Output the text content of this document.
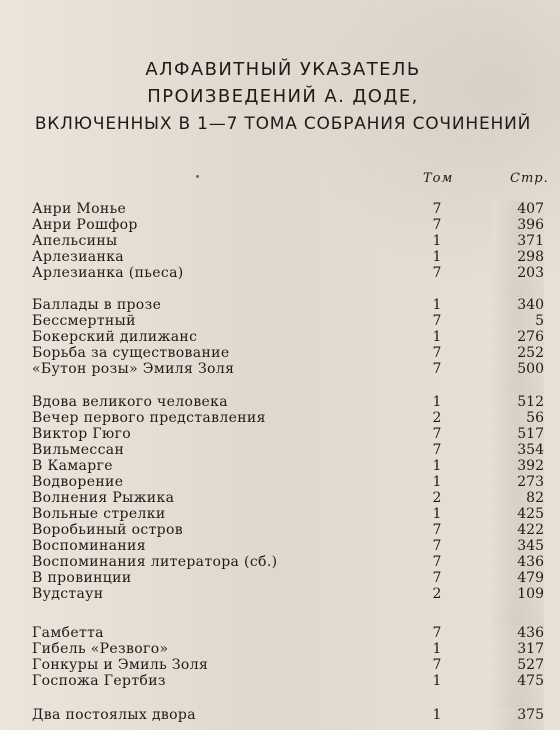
АЛФАВИТНЫЙ УКАЗАТЕЛЬ
ПРОИЗВЕДЕНИЙ А. ДОДЕ,
ВКЛЮЧЕННЫХ В 1—7 ТОМА СОБРАНИЯ СОЧИНЕНИЙ
Том	Стр.
Анри Монье	7	407
Анри Рошфор	7	396
Апельсины	1	371
Арлезианка	1	298
Арлезианка (пьеса)	7	203
Баллады в прозе	1	340
Бессмертный	7	5
Бокерский дилижанс	1	276
Борьба за существование	7	252
«Бутон розы» Эмиля Золя	7	500
Вдова великого человека	1	512
Вечер первого представления	2	56
Виктор Гюго	7	517
Вильмессан	7	354
В Камарге	1	392
Водворение	1	273
Волнения Рыжика	2	82
Вольные стрелки	1	425
Воробьиный остров	7	422
Воспоминания	7	345
Воспоминания литератора (сб.)	7	436
В провинции	7	479
Вудстаун	2	109
Гамбетта	7	436
Гибель «Резвого»	1	317
Гонкуры и Эмиль Золя	7	527
Госпожа Гертбиз	1	475
Два постоялых двора	1	375
